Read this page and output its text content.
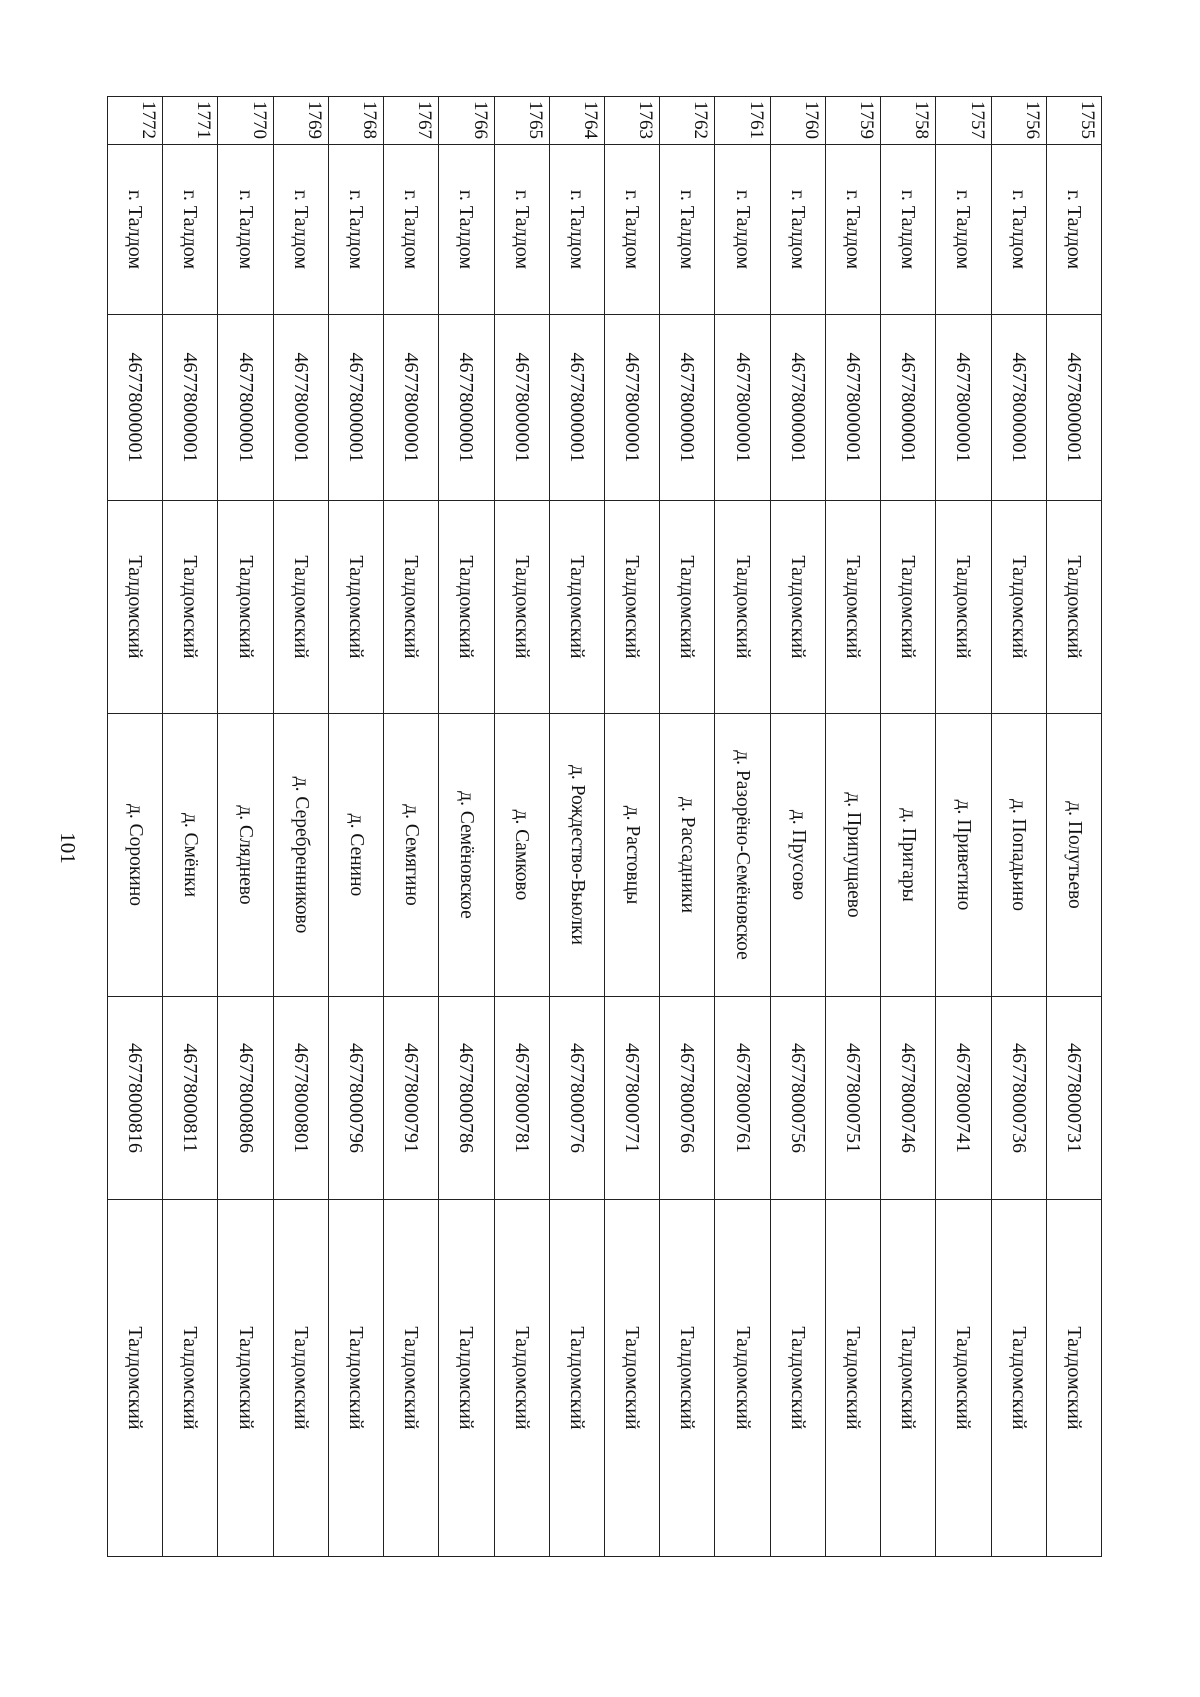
101
1755	г. Талдом	46778000001	Талдомский	д. Полутьево	46778000731	Талдомский
1756	г. Талдом	46778000001	Талдомский	д. Попадьино	46778000736	Талдомский
1757	г. Талдом	46778000001	Талдомский	д. Приветино	46778000741	Талдомский
1758	г. Талдом	46778000001	Талдомский	д. Пригары	46778000746	Талдомский
1759	г. Талдом	46778000001	Талдомский	д. Припущаево	46778000751	Талдомский
1760	г. Талдом	46778000001	Талдомский	д. Прусово	46778000756	Талдомский
1761	г. Талдом	46778000001	Талдомский	д. Разорёно-Семёновское	46778000761	Талдомский
1762	г. Талдом	46778000001	Талдомский	д. Рассадники	46778000766	Талдомский
1763	г. Талдом	46778000001	Талдомский	д. Растовцы	46778000771	Талдомский
1764	г. Талдом	46778000001	Талдомский	д. Рождество-Вьюлки	46778000776	Талдомский
1765	г. Талдом	46778000001	Талдомский	д. Самково	46778000781	Талдомский
1766	г. Талдом	46778000001	Талдомский	д. Семёновское	46778000786	Талдомский
1767	г. Талдом	46778000001	Талдомский	д. Семягино	46778000791	Талдомский
1768	г. Талдом	46778000001	Талдомский	д. Сенино	46778000796	Талдомский
1769	г. Талдом	46778000001	Талдомский	д. Серебренниково	46778000801	Талдомский
1770	г. Талдом	46778000001	Талдомский	д. Сляднево	46778000806	Талдомский
1771	г. Талдом	46778000001	Талдомский	д. Смёнки	46778000811	Талдомский
1772	г. Талдом	46778000001	Талдомский	д. Сорокино	46778000816	Талдомский
